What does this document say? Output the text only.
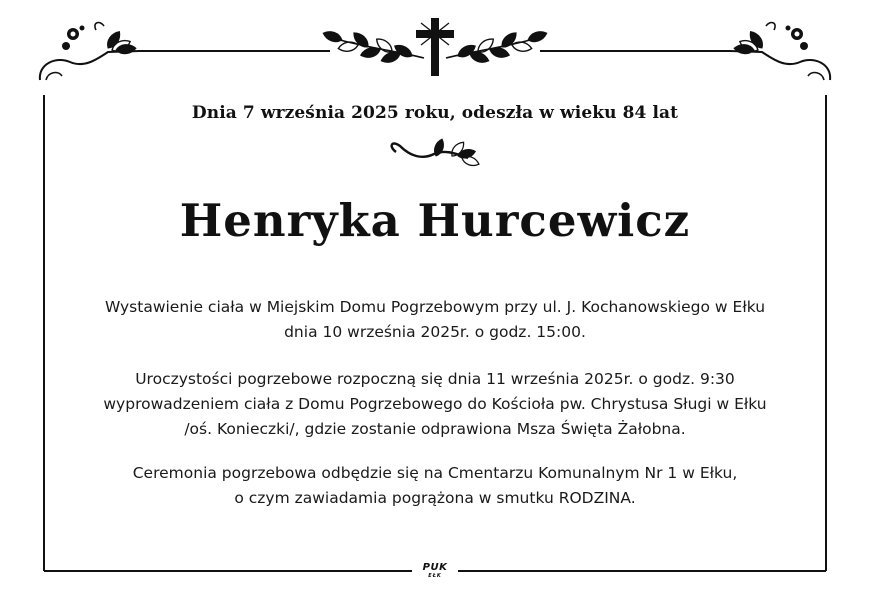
Dnia 7 września 2025 roku, odeszła w wieku 84 lat
Henryka Hurcewicz
Wystawienie ciała w Miejskim Domu Pogrzebowym przy ul. J. Kochanowskiego w Ełku
dnia 10 września 2025r. o godz. 15:00.
Uroczystości pogrzebowe rozpoczną się dnia 11 września 2025r. o godz. 9:30
wyprowadzeniem ciała z Domu Pogrzebowego do Kościoła pw. Chrystusa Sługi w Ełku
/oś. Konieczki/, gdzie zostanie odprawiona Msza Święta Żałobna.
Ceremonia pogrzebowa odbędzie się na Cmentarzu Komunalnym Nr 1 w Ełku,
o czym zawiadamia pogrążona w smutku RODZINA.
PUK
EŁK
